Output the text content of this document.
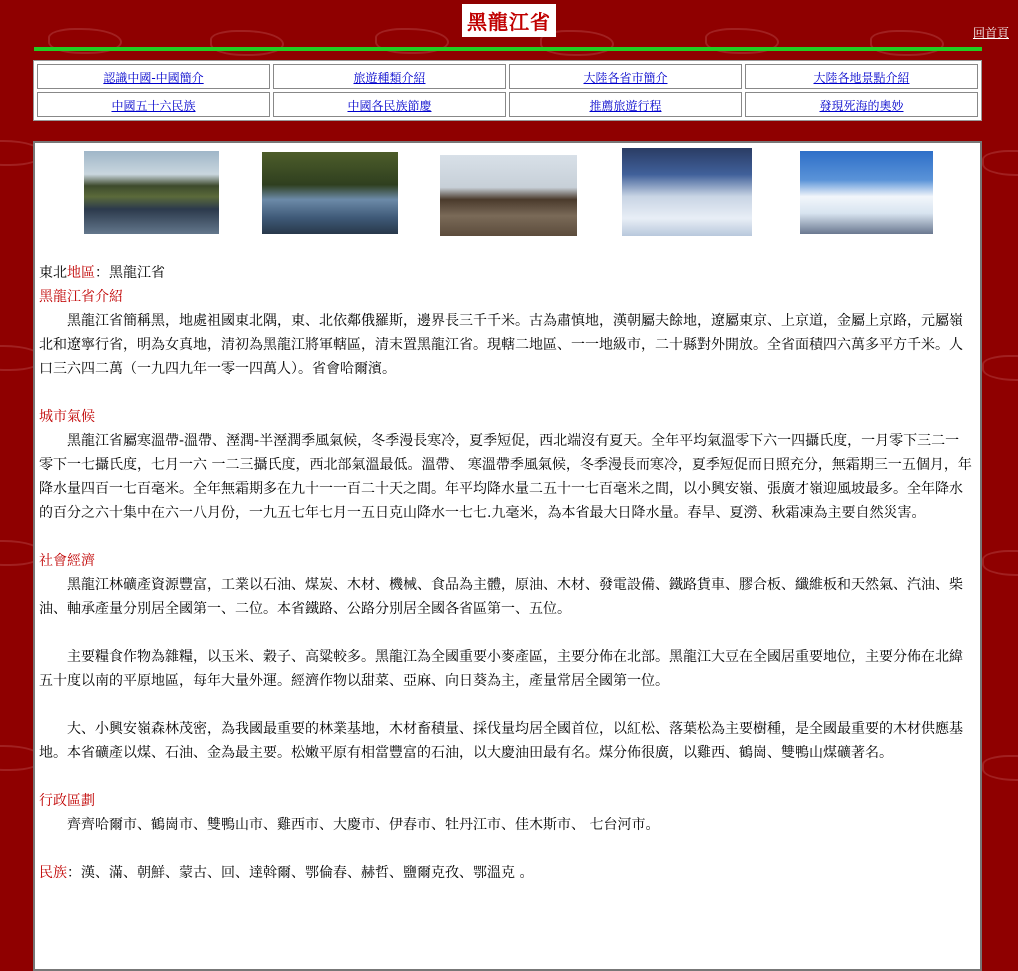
黑龍江省	回首頁
認識中國-中國簡介	旅遊種類介紹	大陸各省市簡介	大陸各地景點介紹
中國五十六民族	中國各民族節慶	推薦旅遊行程	發現死海的奧妙

東北地區：黑龍江省

黑龍江省介紹

黑龍江省簡稱黑，地處祖國東北隅，東、北依鄰俄羅斯，邊界長三千千米。古為肅慎地，漢朝屬夫餘地，遼屬東京、上京道，金屬上京路，元屬嶺北和遼寧行省，明為女真地，清初為黑龍江將軍轄區，清末置黑龍江省。現轄二地區、一一地級市，二十縣對外開放。全省面積四六萬多平方千米。人口三六四二萬（一九四九年一零一四萬人）。省會哈爾濱。

城市氣候

黑龍江省屬寒溫帶-溫帶、溼潤-半溼潤季風氣候，冬季漫長寒冷，夏季短促，西北端沒有夏天。全年平均氣溫零下六一四攝氏度，一月零下三二一零下一七攝氏度，七月一六 一二三攝氏度，西北部氣溫最低。溫帶、 寒溫帶季風氣候，冬季漫長而寒冷，夏季短促而日照充分，無霜期三一五個月，年降水量四百一七百毫米。全年無霜期多在九十一一百二十天之間。年平均降水量二五十一七百毫米之間，以小興安嶺、張廣才嶺迎風坡最多。全年降水的百分之六十集中在六一八月份，一九五七年七月一五日克山降水一七七.九毫米，為本省最大日降水量。春旱、夏澇、秋霜凍為主要自然災害。

社會經濟

黑龍江林礦產資源豐富，工業以石油、煤炭、木材、機械、食品為主體，原油、木材、發電設備、鐵路貨車、膠合板、纖維板和天然氣、汽油、柴油、軸承產量分別居全國第一、二位。本省鐵路、公路分別居全國各省區第一、五位。

主要糧食作物為雜糧，以玉米、穀子、高粱較多。黑龍江為全國重要小麥產區，主要分佈在北部。黑龍江大豆在全國居重要地位，主要分佈在北緯五十度以南的平原地區，每年大量外運。經濟作物以甜菜、亞麻、向日葵為主，產量常居全國第一位。

大、小興安嶺森林茂密，為我國最重要的林業基地，木材畜積量、採伐量均居全國首位，以紅松、落葉松為主要樹種，是全國最重要的木材供應基地。本省礦產以煤、石油、金為最主要。松嫩平原有相當豐富的石油，以大慶油田最有名。煤分佈很廣，以雞西、鶴崗、雙鴨山煤礦著名。

行政區劃

齊齊哈爾市、鶴崗市、雙鴨山市、雞西市、大慶市、伊春市、牡丹江市、佳木斯市、 七台河市。

民族：漢、滿、朝鮮、蒙古、回、達斡爾、鄂倫春、赫哲、鹽爾克孜、鄂溫克 。
